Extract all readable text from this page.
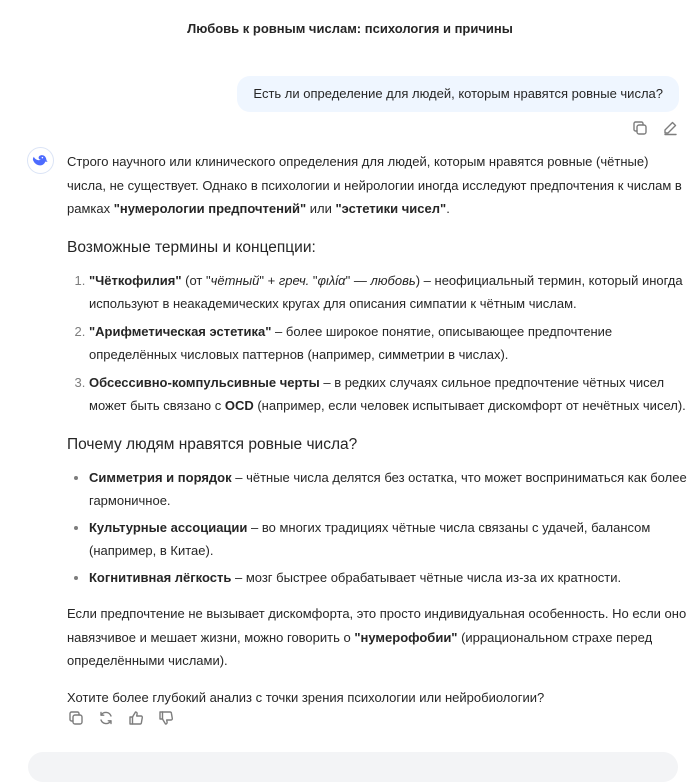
Любовь к ровным числам: психология и причины
Есть ли определение для людей, которым нравятся ровные числа?

Строго научного или клинического определения для людей, которым нравятся ровные (чётные) числа, не существует. Однако в психологии и нейрологии иногда исследуют предпочтения к числам в рамках "нумерологии предпочтений" или "эстетики чисел".

Возможные термины и концепции:
1. "Чёткофилия" (от "чётный" + греч. "φιλία" — любовь) – неофициальный термин, который иногда используют в неакадемических кругах для описания симпатии к чётным числам.
2. "Арифметическая эстетика" – более широкое понятие, описывающее предпочтение определённых числовых паттернов (например, симметрии в числах).
3. Обсессивно-компульсивные черты – в редких случаях сильное предпочтение чётных чисел может быть связано с OCD (например, если человек испытывает дискомфорт от нечётных чисел).
Почему людям нравятся ровные числа?
• Симметрия и порядок – чётные числа делятся без остатка, что может восприниматься как более гармоничное.
• Культурные ассоциации – во многих традициях чётные числа связаны с удачей, балансом (например, в Китае).
• Когнитивная лёгкость – мозг быстрее обрабатывает чётные числа из-за их кратности.

Если предпочтение не вызывает дискомфорта, это просто индивидуальная особенность. Но если оно навязчивое и мешает жизни, можно говорить о "нумерофобии" (иррациональном страхе перед определёнными числами).

Хотите более глубокий анализ с точки зрения психологии или нейробиологии?
